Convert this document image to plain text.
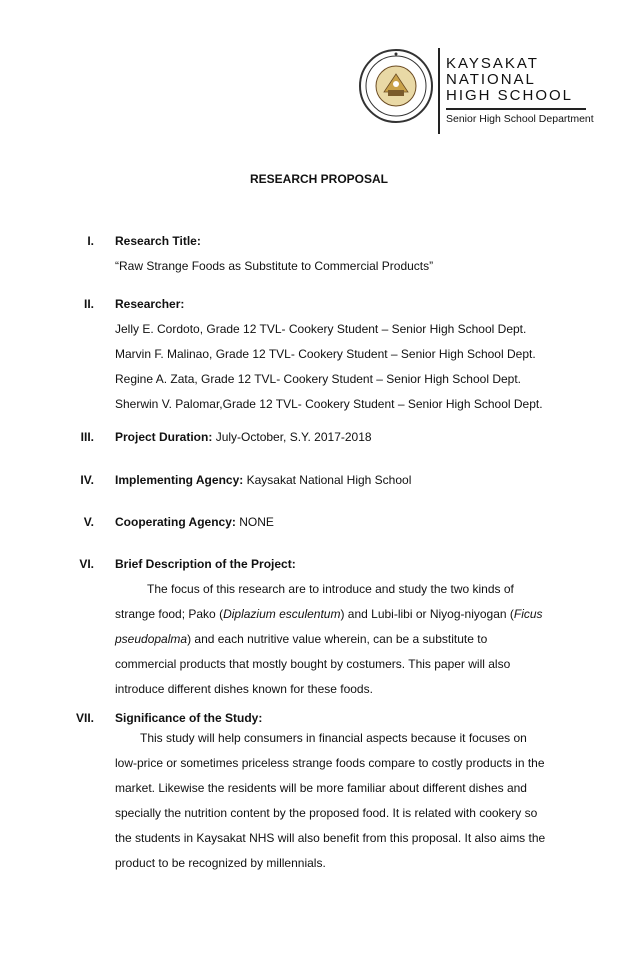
KAYSAKAT
NATIONAL
HIGH SCHOOL
Senior High School Department
RESEARCH PROPOSAL
I. Research Title:
“Raw Strange Foods as Substitute to Commercial Products”
II. Researcher:
Jelly E. Cordoto, Grade 12 TVL- Cookery Student – Senior High School Dept.
Marvin F. Malinao, Grade 12 TVL- Cookery Student – Senior High School Dept.
Regine A. Zata, Grade 12 TVL- Cookery Student – Senior High School Dept.
Sherwin V. Palomar,Grade 12 TVL- Cookery Student – Senior High School Dept.
III. Project Duration: July-October, S.Y. 2017-2018
IV. Implementing Agency: Kaysakat National High School
V. Cooperating Agency: NONE
VI. Brief Description of the Project:
The focus of this research are to introduce and study the two kinds of
strange food; Pako (Diplazium esculentum) and Lubi-libi or Niyog-niyogan (Ficus
pseudopalma) and each nutritive value wherein, can be a substitute to
commercial products that mostly bought by costumers. This paper will also
introduce different dishes known for these foods.
VII. Significance of the Study:
This study will help consumers in financial aspects because it focuses on
low-price or sometimes priceless strange foods compare to costly products in the
market. Likewise the residents will be more familiar about different dishes and
specially the nutrition content by the proposed food. It is related with cookery so
the students in Kaysakat NHS will also benefit from this proposal. It also aims the
product to be recognized by millennials.
